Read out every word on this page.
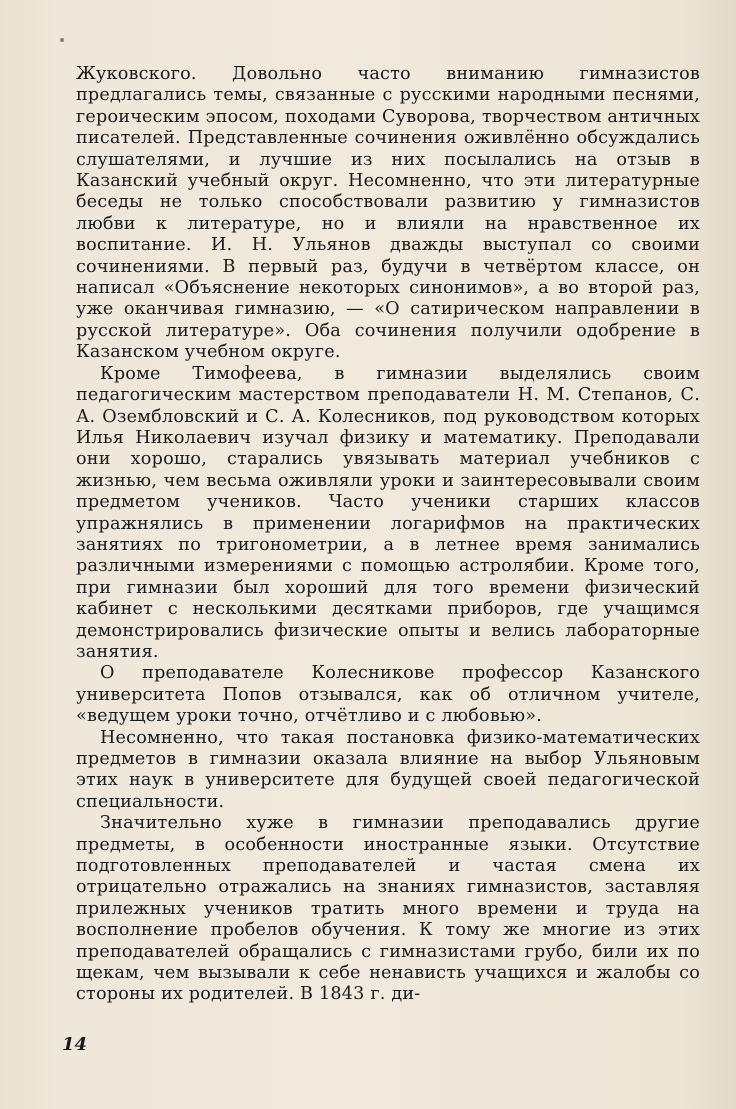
Жуковского. Довольно часто вниманию гимназистов предлагались темы, связанные с русскими народными песнями, героическим эпосом, походами Суворова, творчеством античных писателей. Представленные сочинения оживлённо обсуждались слушателями, и лучшие из них посылались на отзыв в Казанский учебный округ. Несомненно, что эти литературные беседы не только способствовали развитию у гимназистов любви к литературе, но и влияли на нравственное их воспитание. И. Н. Ульянов дважды выступал со своими сочинениями. В первый раз, будучи в четвёртом классе, он написал «Объяснение некоторых синонимов», а во второй раз, уже оканчивая гимназию, — «О сатирическом направлении в русской литературе». Оба сочинения получили одобрение в Казанском учебном округе.

Кроме Тимофеева, в гимназии выделялись своим педагогическим мастерством преподаватели Н. М. Степанов, С. А. Озембловский и С. А. Колесников, под руководством которых Илья Николаевич изучал физику и математику. Преподавали они хорошо, старались увязывать материал учебников с жизнью, чем весьма оживляли уроки и заинтересовывали своим предметом учеников. Часто ученики старших классов упражнялись в применении логарифмов на практических занятиях по тригонометрии, а в летнее время занимались различными измерениями с помощью астролябии. Кроме того, при гимназии был хороший для того времени физический кабинет с несколькими десятками приборов, где учащимся демонстрировались физические опыты и велись лабораторные занятия.

О преподавателе Колесникове профессор Казанского университета Попов отзывался, как об отличном учителе, «ведущем уроки точно, отчётливо и с любовью».

Несомненно, что такая постановка физико-математических предметов в гимназии оказала влияние на выбор Ульяновым этих наук в университете для будущей своей педагогической специальности.

Значительно хуже в гимназии преподавались другие предметы, в особенности иностранные языки. Отсутствие подготовленных преподавателей и частая смена их отрицательно отражались на знаниях гимназистов, заставляя прилежных учеников тратить много времени и труда на восполнение пробелов обучения. К тому же многие из этих преподавателей обращались с гимназистами грубо, били их по щекам, чем вызывали к себе ненависть учащихся и жалобы со стороны их родителей. В 1843 г. ди-

14
